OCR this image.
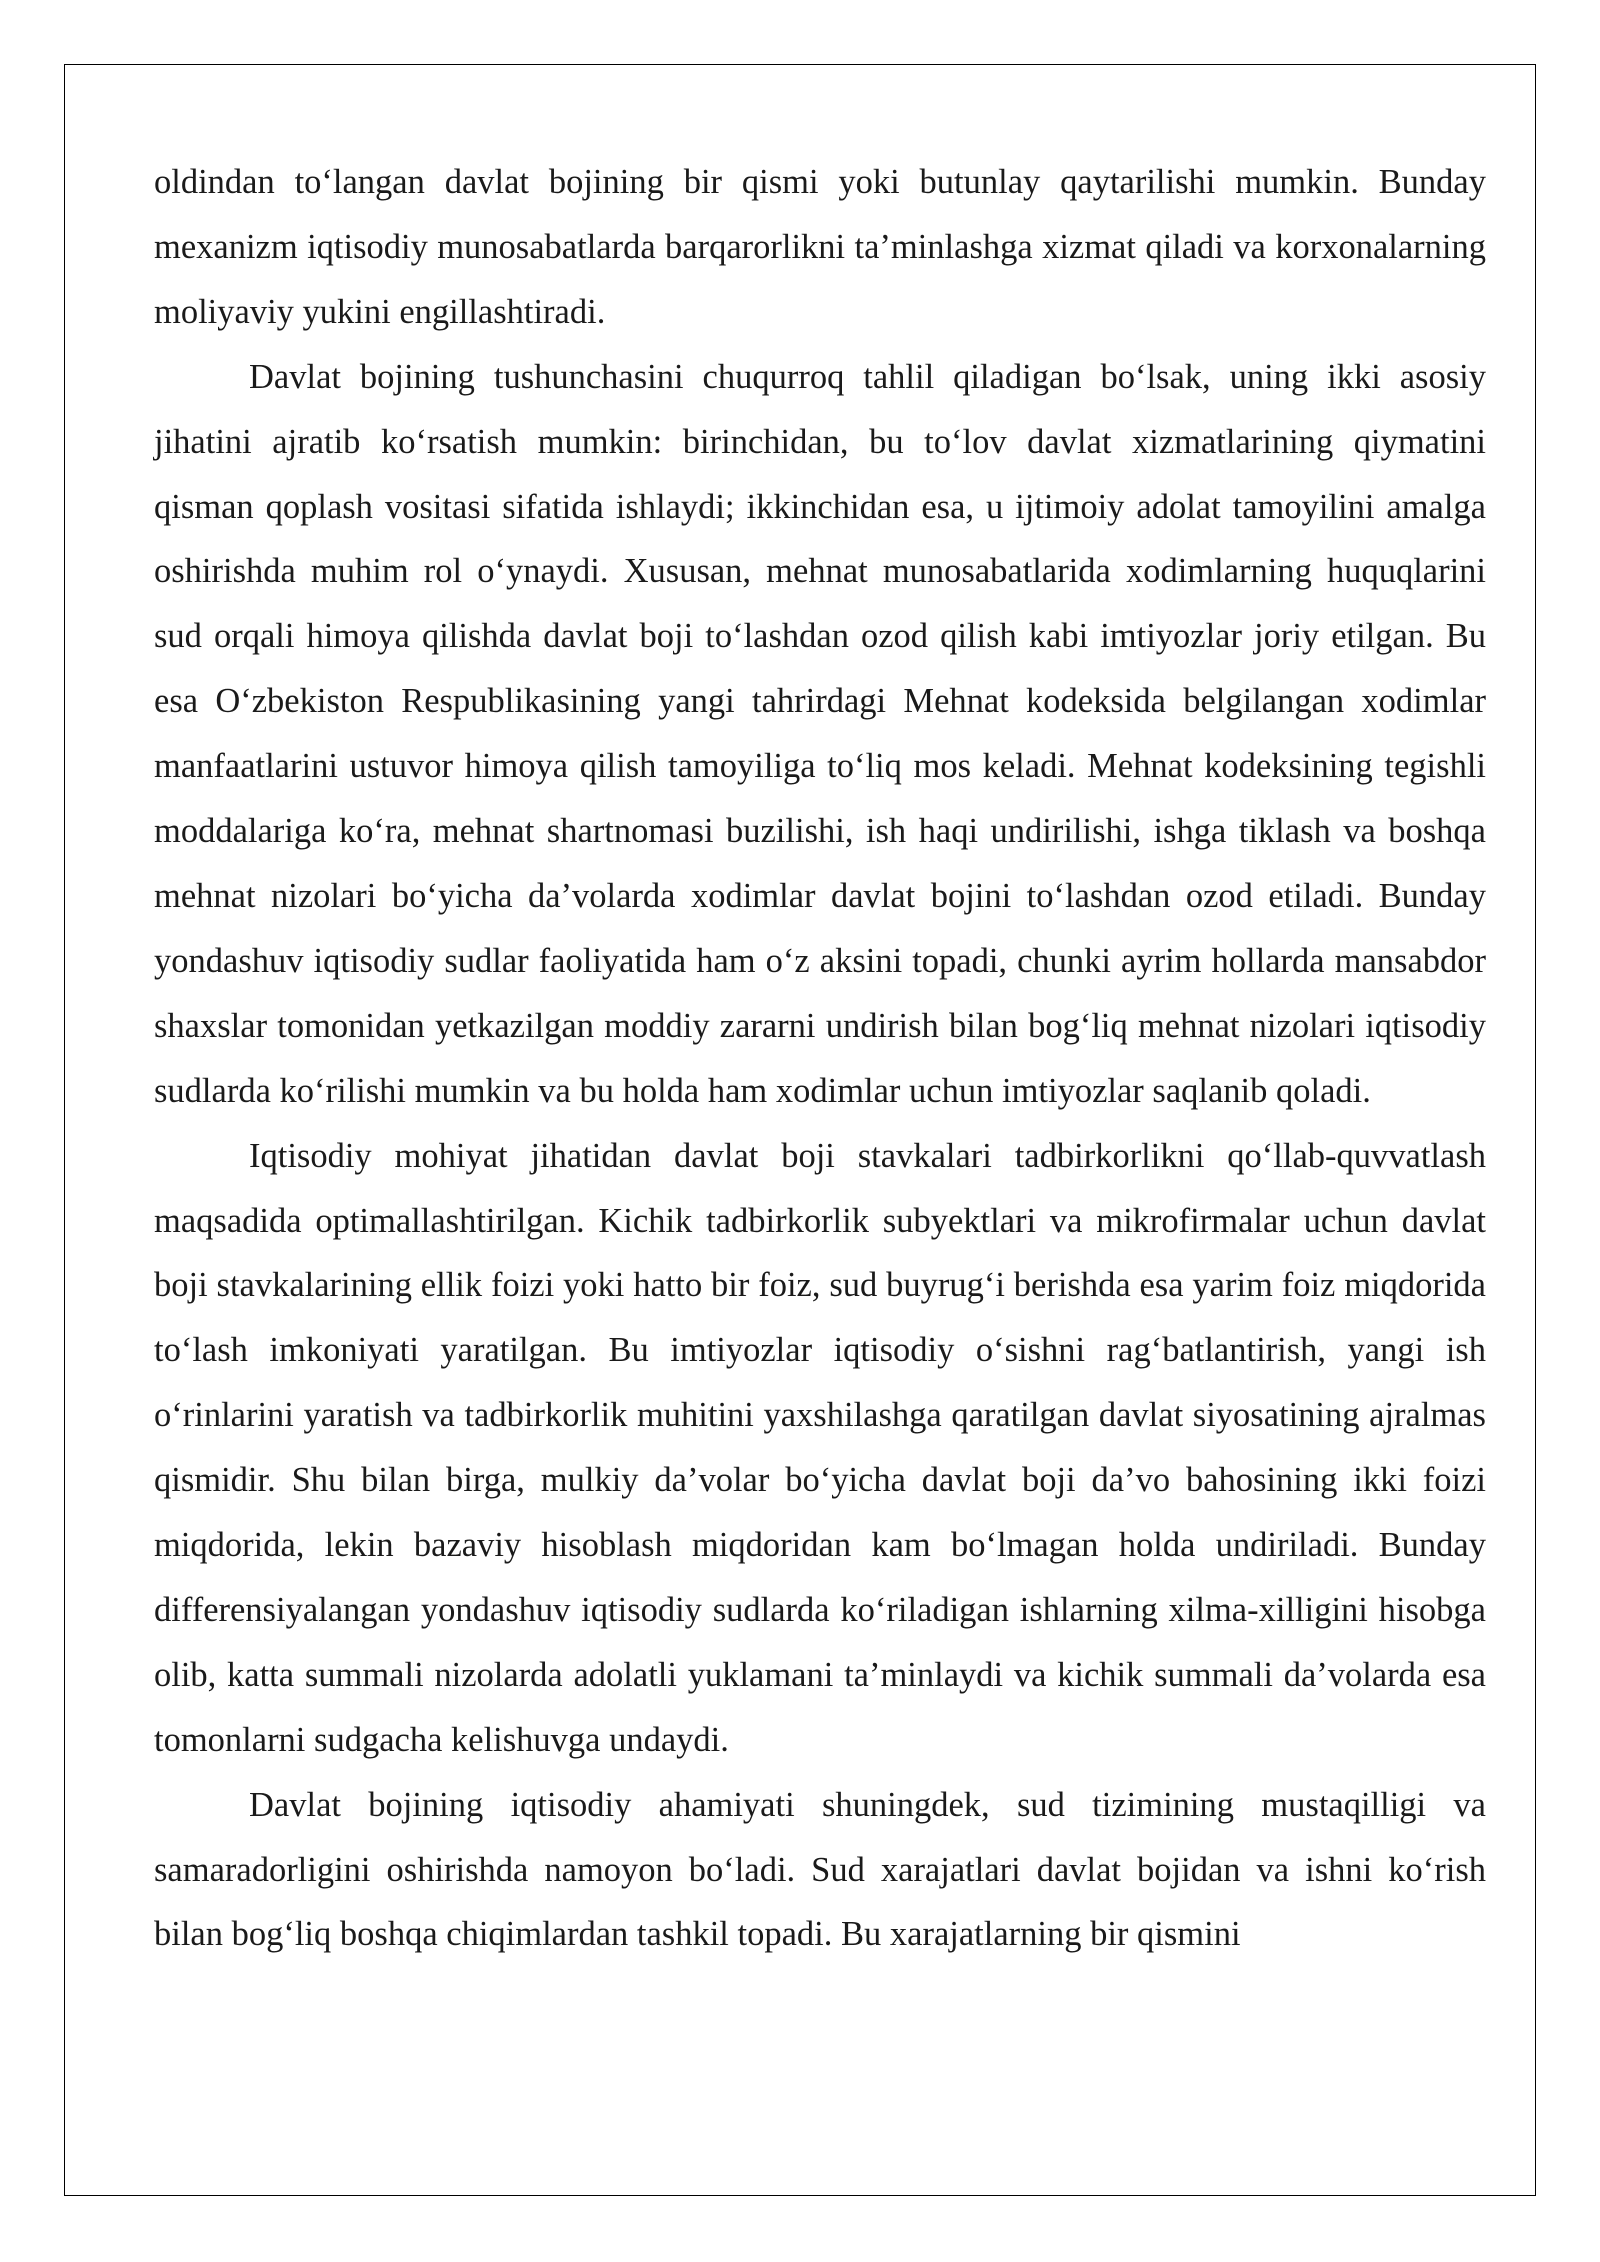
oldindan to‘langan davlat bojining bir qismi yoki butunlay qaytarilishi mumkin. Bunday mexanizm iqtisodiy munosabatlarda barqarorlikni ta’minlashga xizmat qiladi va korxonalarning moliyaviy yukini engillashtiradi.

Davlat bojining tushunchasini chuqurroq tahlil qiladigan bo‘lsak, uning ikki asosiy jihatini ajratib ko‘rsatish mumkin: birinchidan, bu to‘lov davlat xizmatlarining qiymatini qisman qoplash vositasi sifatida ishlaydi; ikkinchidan esa, u ijtimoiy adolat tamoyilini amalga oshirishda muhim rol o‘ynaydi. Xususan, mehnat munosabatlarida xodimlarning huquqlarini sud orqali himoya qilishda davlat boji to‘lashdan ozod qilish kabi imtiyozlar joriy etilgan. Bu esa O‘zbekiston Respublikasining yangi tahrirdagi Mehnat kodeksida belgilangan xodimlar manfaatlarini ustuvor himoya qilish tamoyiliga to‘liq mos keladi. Mehnat kodeksining tegishli moddalariga ko‘ra, mehnat shartnomasi buzilishi, ish haqi undirilishi, ishga tiklash va boshqa mehnat nizolari bo‘yicha da’volarda xodimlar davlat bojini to‘lashdan ozod etiladi. Bunday yondashuv iqtisodiy sudlar faoliyatida ham o‘z aksini topadi, chunki ayrim hollarda mansabdor shaxslar tomonidan yetkazilgan moddiy zararni undirish bilan bog‘liq mehnat nizolari iqtisodiy sudlarda ko‘rilishi mumkin va bu holda ham xodimlar uchun imtiyozlar saqlanib qoladi.

Iqtisodiy mohiyat jihatidan davlat boji stavkalari tadbirkorlikni qo‘llab-quvvatlash maqsadida optimallashtirilgan. Kichik tadbirkorlik subyektlari va mikrofirmalar uchun davlat boji stavkalarining ellik foizi yoki hatto bir foiz, sud buyrug‘i berishda esa yarim foiz miqdorida to‘lash imkoniyati yaratilgan. Bu imtiyozlar iqtisodiy o‘sishni rag‘batlantirish, yangi ish o‘rinlarini yaratish va tadbirkorlik muhitini yaxshilashga qaratilgan davlat siyosatining ajralmas qismidir. Shu bilan birga, mulkiy da’volar bo‘yicha davlat boji da’vo bahosining ikki foizi miqdorida, lekin bazaviy hisoblash miqdoridan kam bo‘lmagan holda undiriladi. Bunday differensiyalangan yondashuv iqtisodiy sudlarda ko‘riladigan ishlarning xilma-xilligini hisobga olib, katta summali nizolarda adolatli yuklamani ta’minlaydi va kichik summali da’volarda esa tomonlarni sudgacha kelishuvga undaydi.

Davlat bojining iqtisodiy ahamiyati shuningdek, sud tizimining mustaqilligi va samaradorligini oshirishda namoyon bo‘ladi. Sud xarajatlari davlat bojidan va ishni ko‘rish bilan bog‘liq boshqa chiqimlardan tashkil topadi. Bu xarajatlarning bir qismini
